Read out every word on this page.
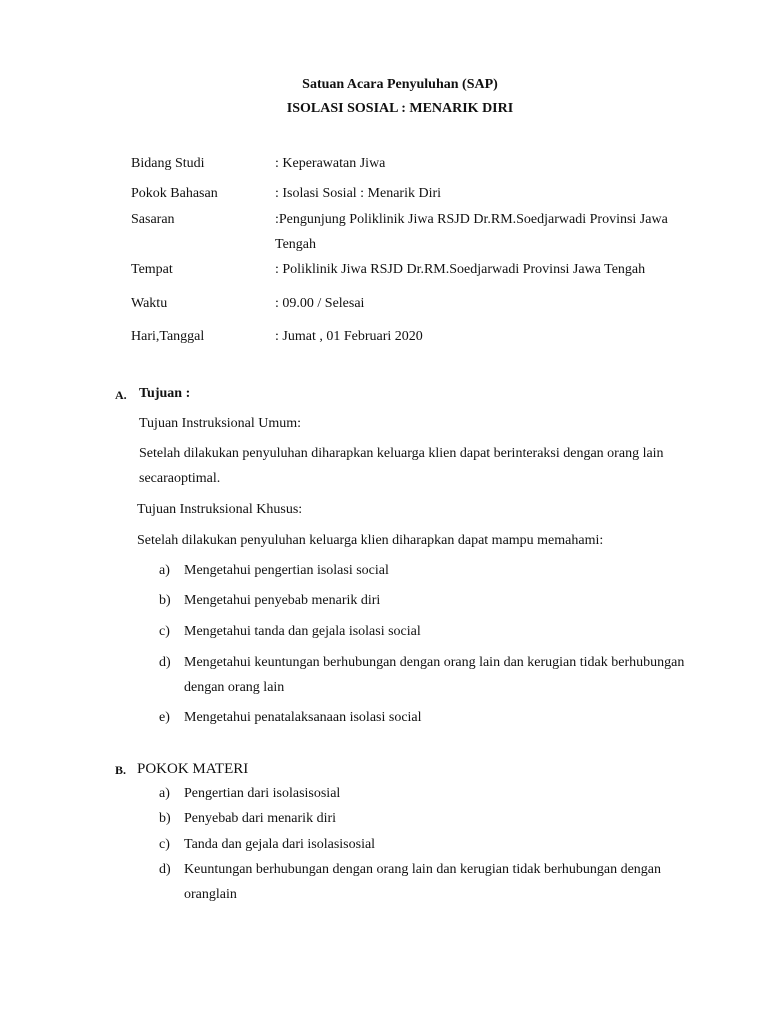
Satuan Acara Penyuluhan (SAP)
ISOLASI SOSIAL : MENARIK DIRI
Bidang Studi	: Keperawatan Jiwa
Pokok Bahasan	: Isolasi Sosial : Menarik Diri
Sasaran	:Pengunjung Poliklinik Jiwa RSJD Dr.RM.Soedjarwadi Provinsi Jawa
Tengah
Tempat	: Poliklinik Jiwa RSJD Dr.RM.Soedjarwadi Provinsi Jawa Tengah
Waktu	: 09.00 / Selesai
Hari,Tanggal	: Jumat , 01 Februari 2020
A. Tujuan :
Tujuan Instruksional Umum:
Setelah dilakukan penyuluhan diharapkan keluarga klien dapat berinteraksi dengan orang lain
secaraoptimal.
Tujuan Instruksional Khusus:
Setelah dilakukan penyuluhan keluarga klien diharapkan dapat mampu memahami:
a) Mengetahui pengertian isolasi social
b) Mengetahui penyebab menarik diri
c) Mengetahui tanda dan gejala isolasi social
d) Mengetahui keuntungan berhubungan dengan orang lain dan kerugian tidak berhubungan
dengan orang lain
e) Mengetahui penatalaksanaan isolasi social
B. POKOK MATERI
a) Pengertian dari isolasisosial
b) Penyebab dari menarik diri
c) Tanda dan gejala dari isolasisosial
d) Keuntungan berhubungan dengan orang lain dan kerugian tidak berhubungan dengan
oranglain
